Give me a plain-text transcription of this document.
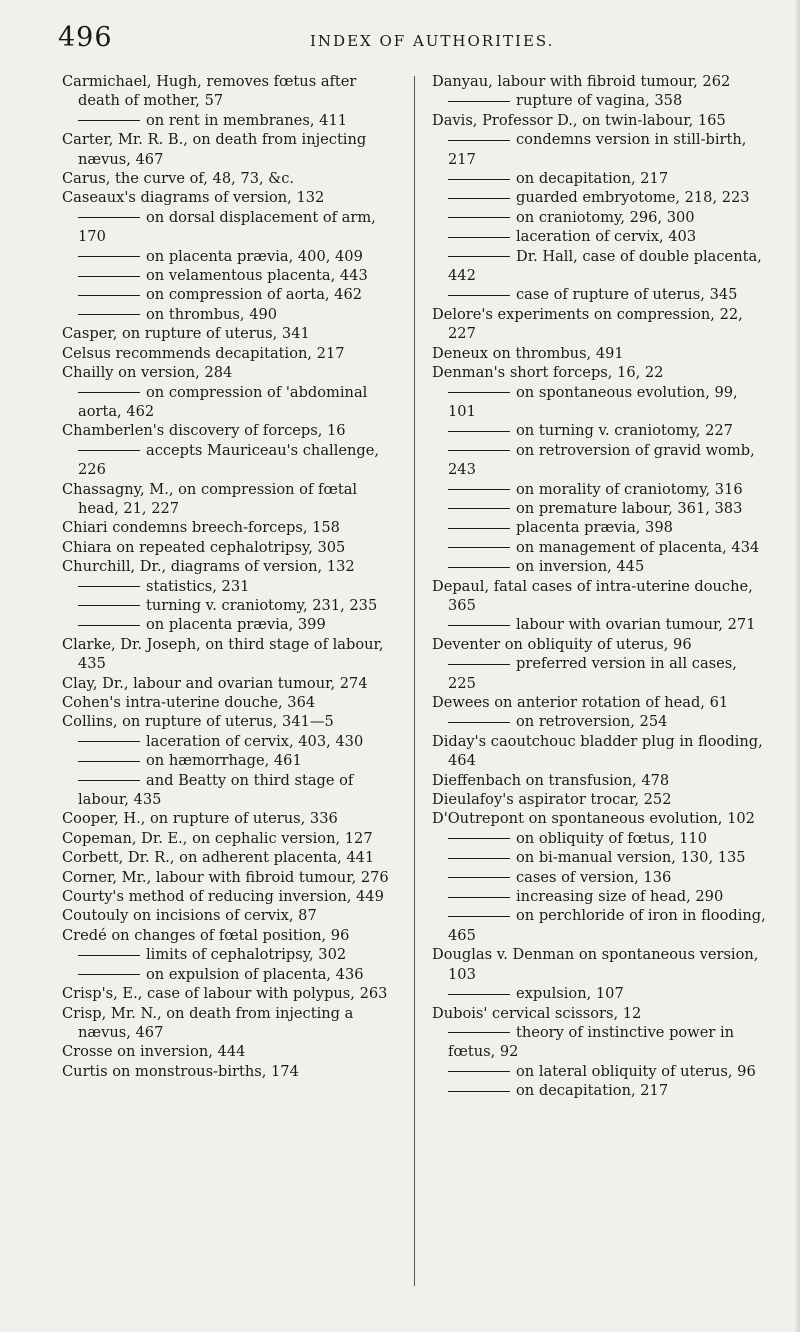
496	INDEX OF AUTHORITIES.

Carmichael, Hugh, removes fœtus after death of mother, 57

on rent in membranes, 411

Carter, Mr. R. B., on death from injecting nævus, 467

Carus, the curve of, 48, 73, &c.

Caseaux's diagrams of version, 132

on dorsal displacement of arm, 170

on placenta prævia, 400, 409

on velamentous placenta, 443

on compression of aorta, 462

on thrombus, 490

Casper, on rupture of uterus, 341

Celsus recommends decapitation, 217

Chailly on version, 284

on compression of 'abdominal aorta, 462

Chamberlen's discovery of forceps, 16

accepts Mauriceau's challenge, 226

Chassagny, M., on compression of fœtal head, 21, 227

Chiari condemns breech-forceps, 158

Chiara on repeated cephalotripsy, 305

Churchill, Dr., diagrams of version, 132

statistics, 231

turning v. craniotomy, 231, 235

on placenta prævia, 399

Clarke, Dr. Joseph, on third stage of labour, 435

Clay, Dr., labour and ovarian tumour, 274

Cohen's intra-uterine douche, 364

Collins, on rupture of uterus, 341—5

laceration of cervix, 403, 430

on hæmorrhage, 461

and Beatty on third stage of labour, 435

Cooper, H., on rupture of uterus, 336

Copeman, Dr. E., on cephalic version, 127

Corbett, Dr. R., on adherent placenta, 441

Corner, Mr., labour with fibroid tumour, 276

Courty's method of reducing inversion, 449

Coutouly on incisions of cervix, 87

Credé on changes of fœtal position, 96

limits of cephalotripsy, 302

on expulsion of placenta, 436

Crisp's, E., case of labour with polypus, 263

Crisp, Mr. N., on death from injecting a nævus, 467

Crosse on inversion, 444

Curtis on monstrous-births, 174

Danyau, labour with fibroid tumour, 262

rupture of vagina, 358

Davis, Professor D., on twin-labour, 165

condemns version in still-birth, 217

on decapitation, 217

guarded embryotome, 218, 223

on craniotomy, 296, 300

laceration of cervix, 403

Dr. Hall, case of double placenta, 442

case of rupture of uterus, 345

Delore's experiments on compression, 22, 227

Deneux on thrombus, 491

Denman's short forceps, 16, 22

on spontaneous evolution, 99, 101

on turning v. craniotomy, 227

on retroversion of gravid womb, 243

on morality of craniotomy, 316

on premature labour, 361, 383

placenta prævia, 398

on management of placenta, 434

on inversion, 445

Depaul, fatal cases of intra-uterine douche, 365

labour with ovarian tumour, 271

Deventer on obliquity of uterus, 96

preferred version in all cases, 225

Dewees on anterior rotation of head, 61

on retroversion, 254

Diday's caoutchouc bladder plug in flooding, 464

Dieffenbach on transfusion, 478

Dieulafoy's aspirator trocar, 252

D'Outrepont on spontaneous evolution, 102

on obliquity of fœtus, 110

on bi-manual version, 130, 135

cases of version, 136

increasing size of head, 290

on perchloride of iron in flooding, 465

Douglas v. Denman on spontaneous version, 103

expulsion, 107

Dubois' cervical scissors, 12

theory of instinctive power in fœtus, 92

on lateral obliquity of uterus, 96

on decapitation, 217
